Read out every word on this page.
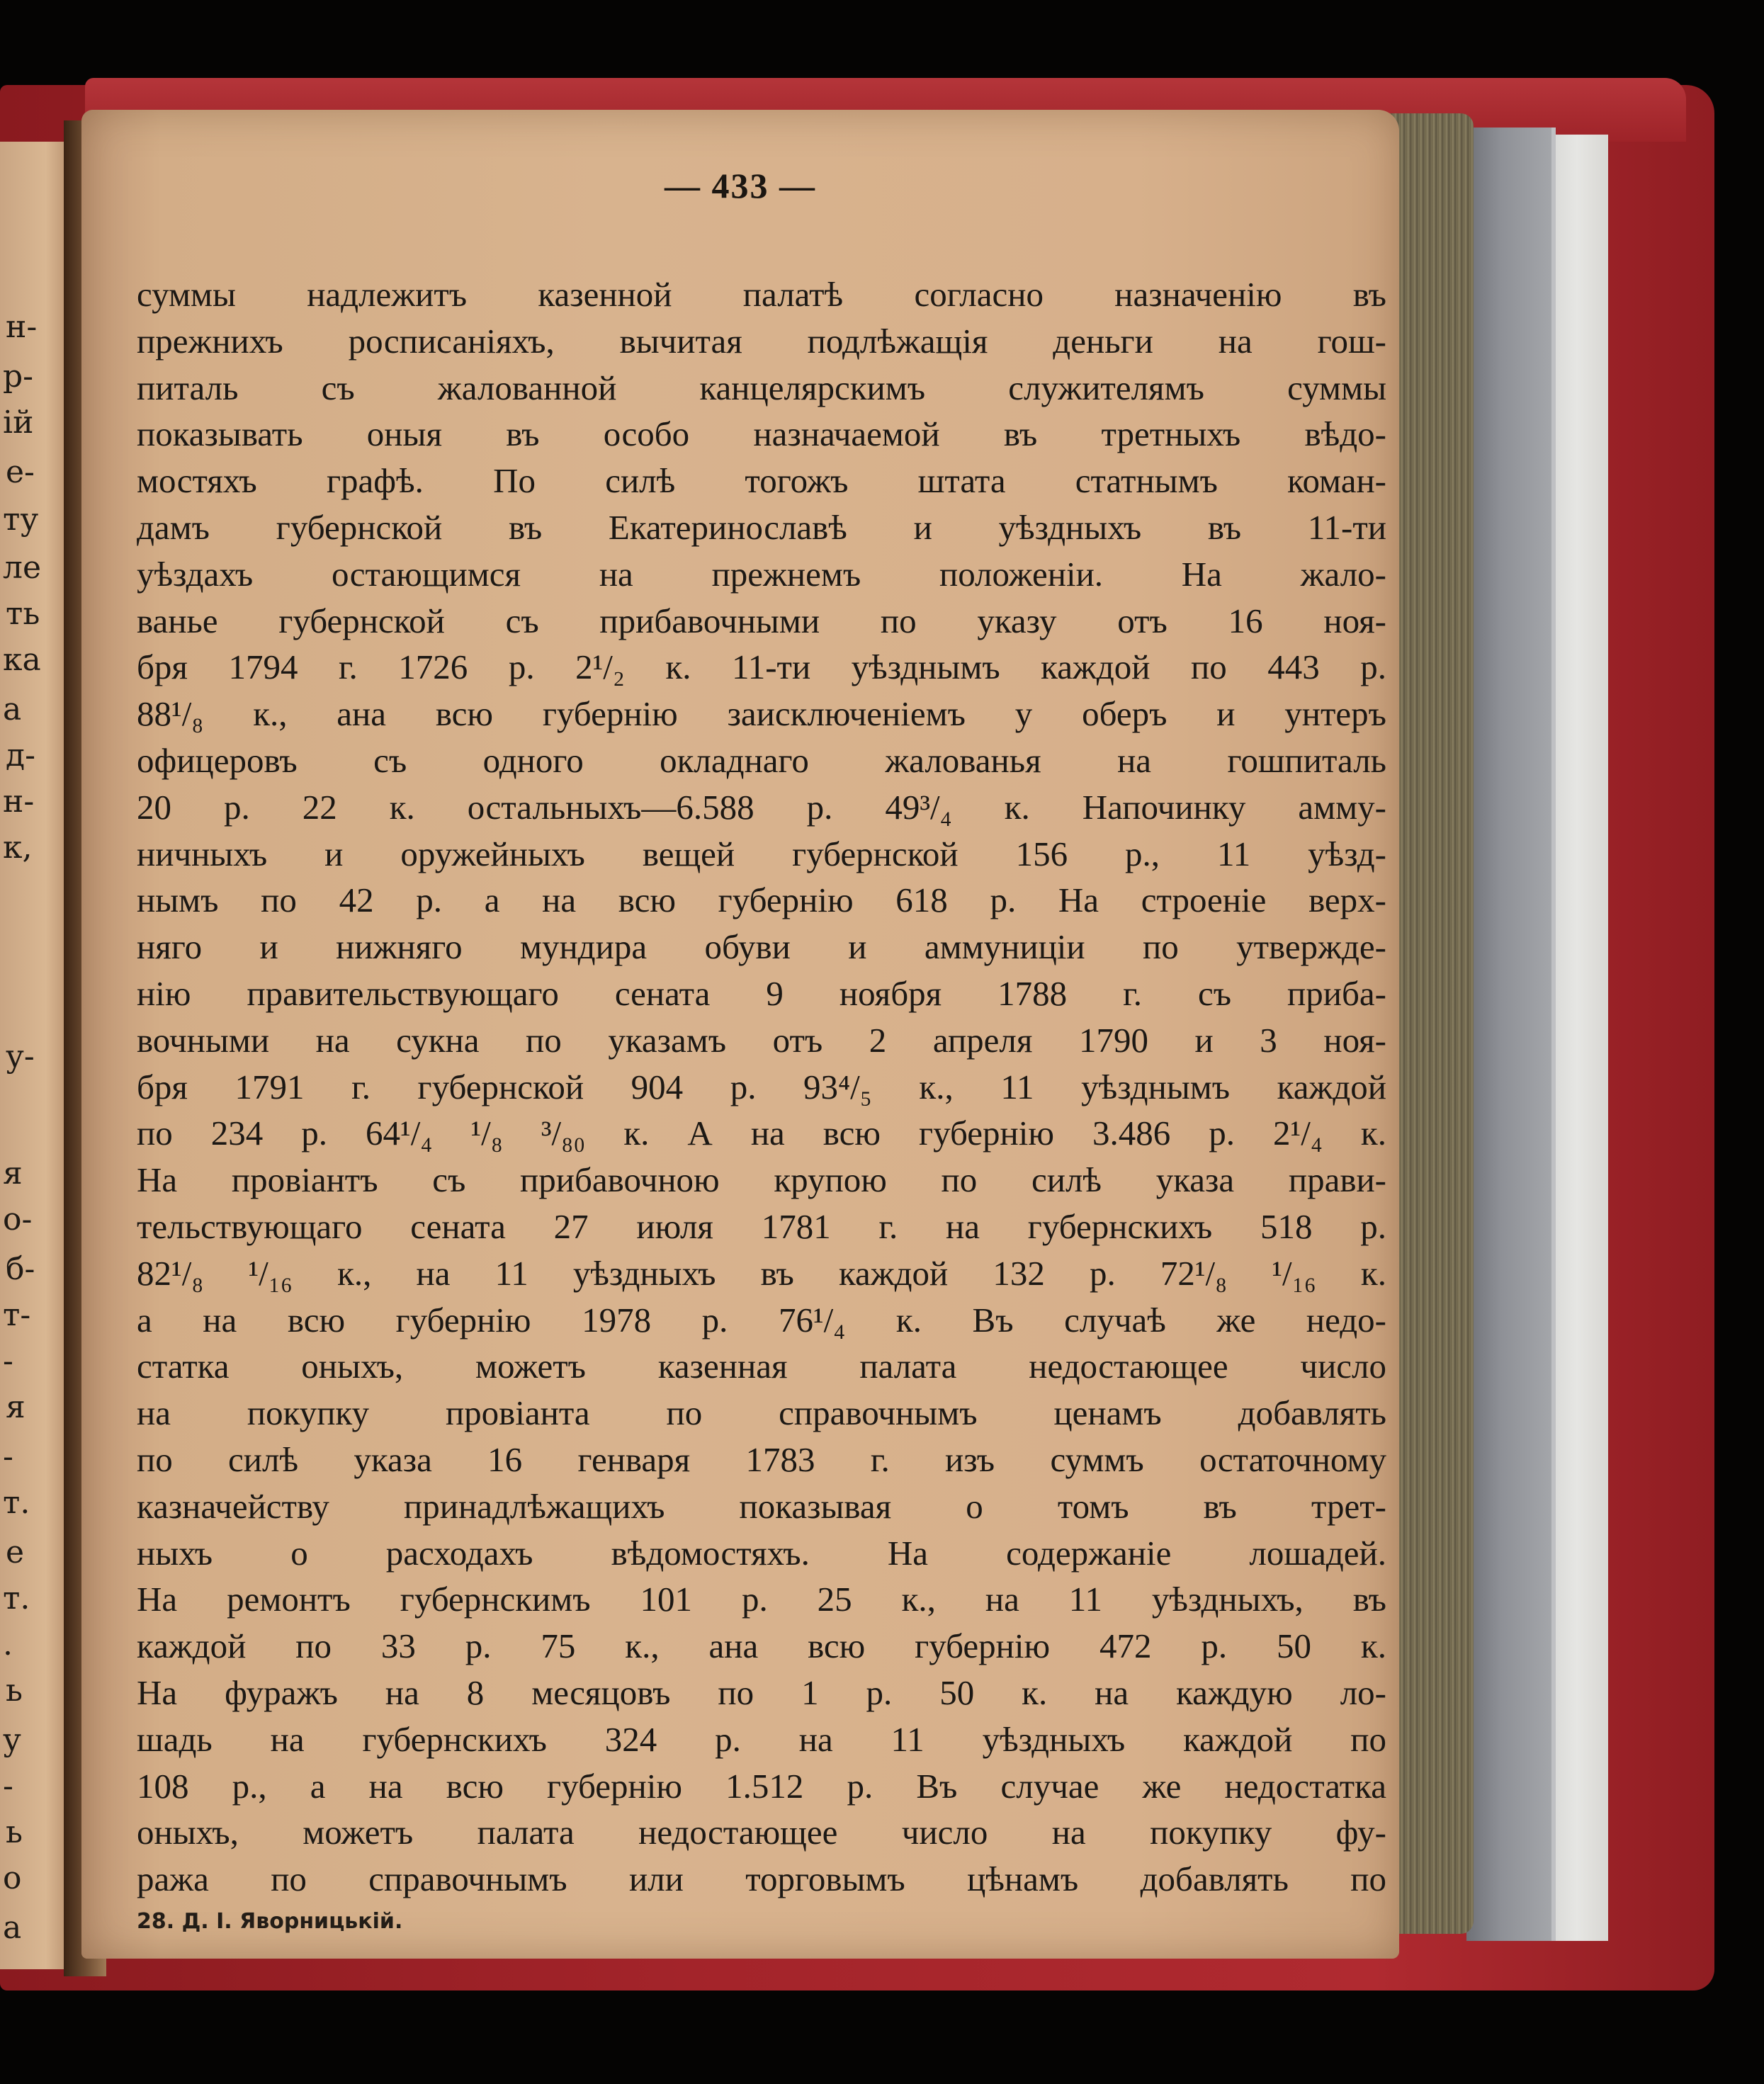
н-
р-
ій
е-
ту
ле
ть
ка
а
д-
н-
к,
у-
я
о-
б-
т-
-
я
-
т.
е
т.
.
ь
у
-
ь
о
а
— 433 —
суммы надлежитъ казенной палатѣ согласно назначенію въ
прежнихъ росписаніяхъ, вычитая подлѣжащія деньги на гош-
питаль съ жалованной канцелярскимъ служителямъ суммы
показывать оныя въ особо назначаемой въ третныхъ вѣдо-
мостяхъ графѣ. По силѣ тогожъ штата статнымъ коман-
дамъ губернской въ Екатеринославѣ и уѣздныхъ въ 11-ти
уѣздахъ остающимся на прежнемъ положеніи. На жало-
ванье губернской съ прибавочными по указу отъ 16 ноя-
бря 1794 г. 1726 р. 2¹/₂ к. 11-ти уѣзднымъ каждой по 443 р.
88¹/₈ к., ана всю губернію заисключеніемъ у оберъ и унтеръ
офицеровъ съ одного окладнаго жалованья на гошпиталь
20 р. 22 к. остальныхъ—6.588 р. 49³/₄ к. Напочинку амму-
ничныхъ и оружейныхъ вещей губернской 156 р., 11 уѣзд-
нымъ по 42 р. а на всю губернію 618 р. На строеніе верх-
няго и нижняго мундира обуви и аммуниціи по утвержде-
нію правительствующаго сената 9 ноября 1788 г. съ приба-
вочными на сукна по указамъ отъ 2 апреля 1790 и 3 ноя-
бря 1791 г. губернской 904 р. 93⁴/₅ к., 11 уѣзднымъ каждой
по 234 р. 64¹/₄ ¹/₈ ³/₈₀ к. А на всю губернію 3.486 р. 2¹/₄ к.
На провіантъ съ прибавочною крупою по силѣ указа прави-
тельствующаго сената 27 июля 1781 г. на губернскихъ 518 р.
82¹/₈ ¹/₁₆ к., на 11 уѣздныхъ въ каждой 132 р. 72¹/₈ ¹/₁₆ к.
а на всю губернію 1978 р. 76¹/₄ к. Въ случаѣ же недо-
статка оныхъ, можетъ казенная палата недостающее число
на покупку провіанта по справочнымъ ценамъ добавлять
по силѣ указа 16 генваря 1783 г. изъ суммъ остаточному
казначейству принадлѣжащихъ показывая о томъ въ трет-
ныхъ о расходахъ вѣдомостяхъ. На содержаніе лошадей.
На ремонтъ губернскимъ 101 р. 25 к., на 11 уѣздныхъ, въ
каждой по 33 р. 75 к., ана всю губернію 472 р. 50 к.
На фуражъ на 8 месяцовъ по 1 р. 50 к. на каждую ло-
шадь на губернскихъ 324 р. на 11 уѣздныхъ каждой по
108 р., а на всю губернію 1.512 р. Въ случае же недостатка
оныхъ, можетъ палата недостающее число на покупку фу-
ража по справочнымъ или торговымъ цѣнамъ добавлять по
28. Д. І. Яворницькій.
